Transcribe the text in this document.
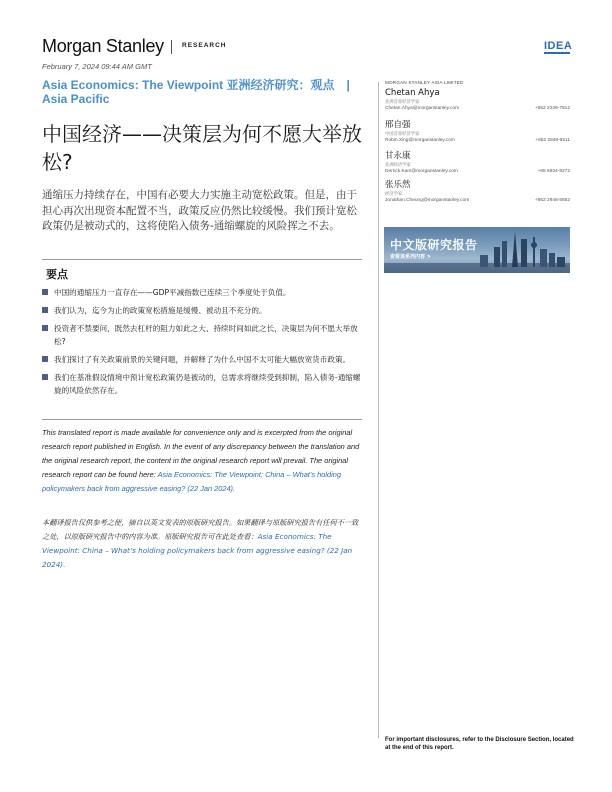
Morgan Stanley	RESEARCH	IDEA
February 7, 2024 09:44 AM GMT
Asia Economics: The Viewpoint 亚洲经济研究：观点　|　 Asia Pacific
中国经济——决策层为何不愿大举放松?
通缩压力持续存在，中国有必要大力实施主动宽松政策。但是，由于担心再次出现资本配置不当，政策反应仍然比较缓慢。我们预计宽松政策仍是被动式的，这将使陷入债务-通缩螺旋的风险挥之不去。
要点
中国的通缩压力一直存在——GDP平减指数已连续三个季度处于负值。
我们认为，迄今为止的政策宽松措施是缓慢、被动且不充分的。
投资者不禁要问，既然去杠杆的阻力如此之大、持续时间如此之长，决策层为何不愿大举放松?
我们探讨了有关政策前景的关键问题，并解释了为什么中国不太可能大幅放宽货币政策。
我们在基准假设情境中预计宽松政策仍是被动的，总需求将继续受到抑制，陷入债务-通缩螺旋的风险依然存在。
This translated report is made available for convenience only and is excerpted from the original research report published in English. In the event of any discrepancy between the translation and the original research report, the content in the original research report will prevail. The original research report can be found here: Asia Economics: The Viewpoint: China – What’s holding policymakers back from aggressive easing? (22 Jan 2024).
本翻译报告仅供参考之便，摘自以英文发表的原版研究报告。如果翻译与原版研究报告有任何不一致之处，以原版研究报告中的内容为准。原版研究报告可在此处查看：Asia Economics: The Viewpoint: China – What’s holding policymakers back from aggressive easing? (22 Jan 2024).
MORGAN STANLEY ASIA LIMITED
Chetan Ahya
亚洲首席经济学家
Chetan.Ahya@morganstanley.com	+852 2239-7812
邢自强
中国首席经济学家
Robin.Xing@morganstanley.com	+852 2848-6511
甘永康
亚洲经济学家
Derrick.Kam@morganstanley.com	+65 6834-8272
张乐然
经济学家
Jonathan.Cheung@morganstanley.com	+852 2848-5652
中文版研究报告
查看该系列内容 >
For important disclosures, refer to the Disclosure Section, located at the end of this report.
